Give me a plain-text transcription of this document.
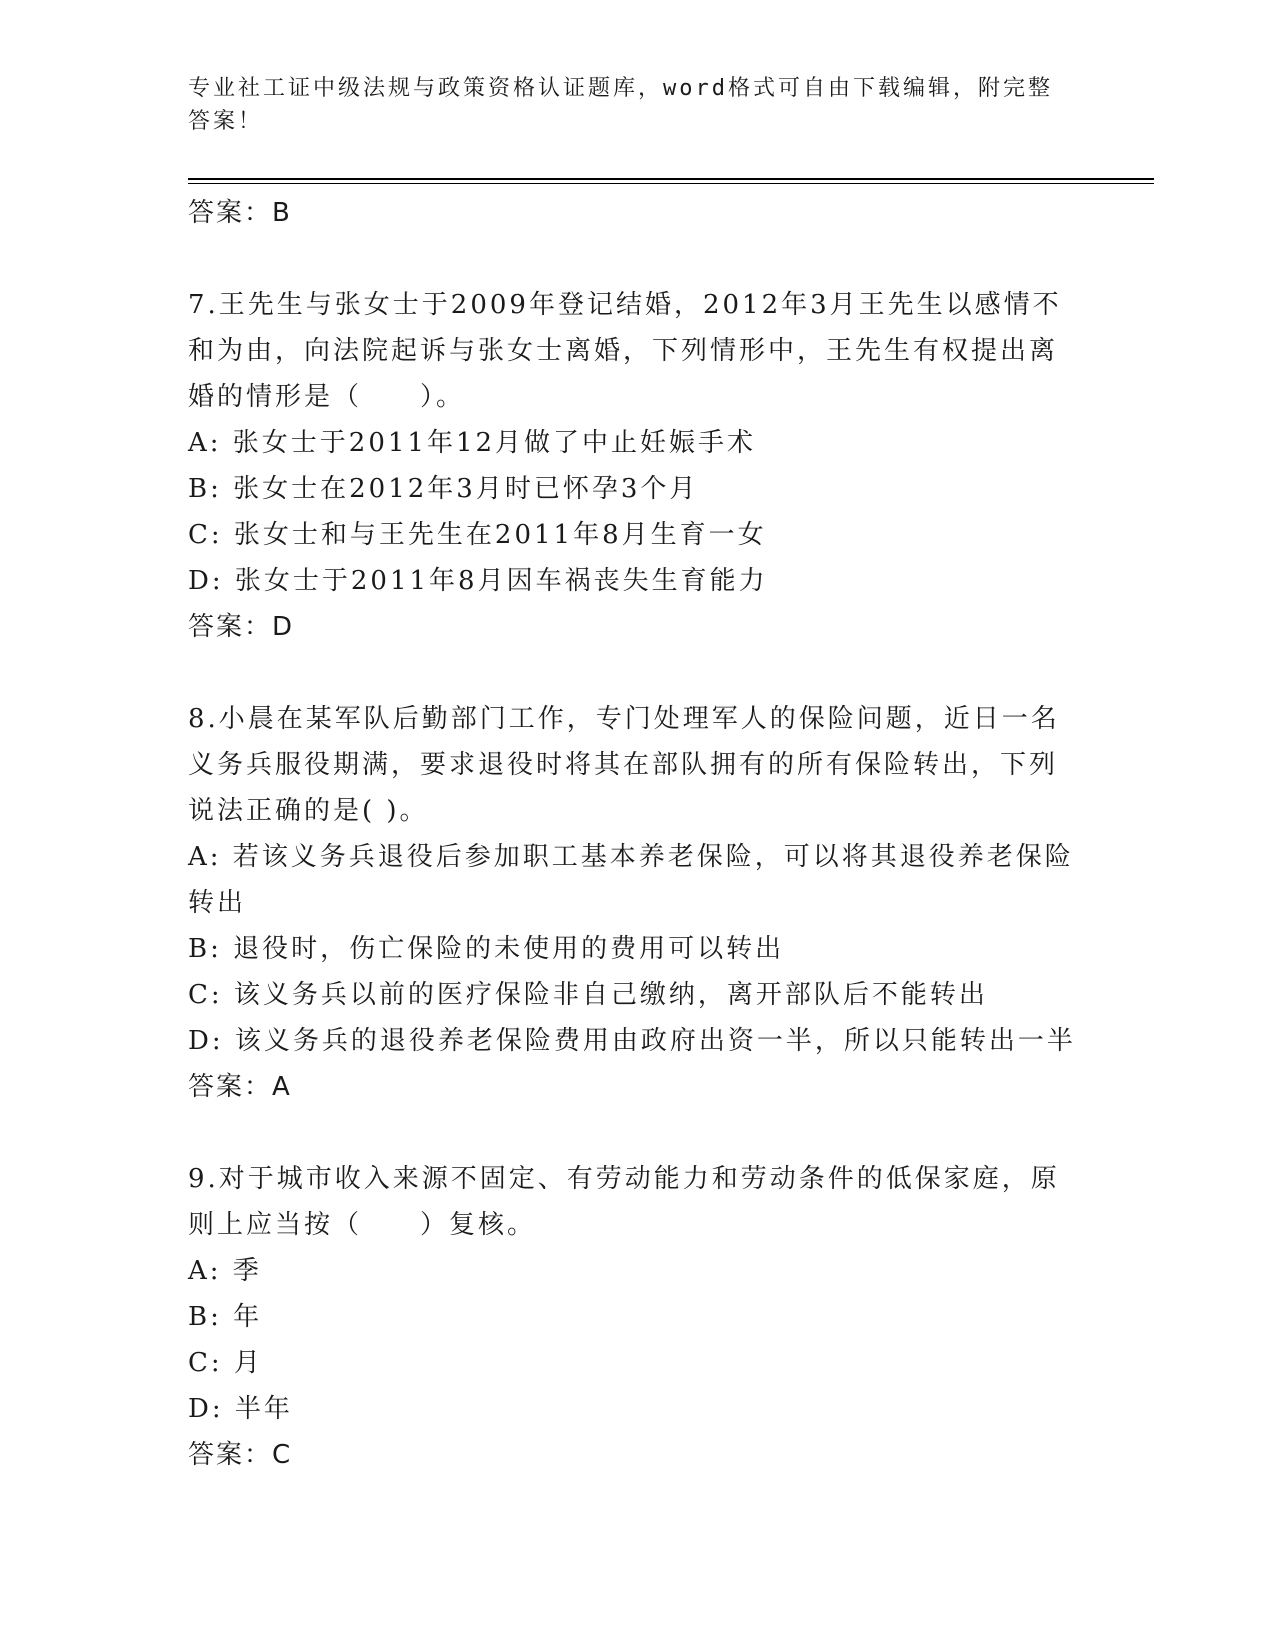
专业社工证中级法规与政策资格认证题库，word格式可自由下载编辑，附完整答案！
答案：B
7.王先生与张女士于2009年登记结婚，2012年3月王先生以感情不和为由，向法院起诉与张女士离婚，下列情形中，王先生有权提出离婚的情形是（　　）。
A: 张女士于2011年12月做了中止妊娠手术
B: 张女士在2012年3月时已怀孕3个月
C: 张女士和与王先生在2011年8月生育一女
D: 张女士于2011年8月因车祸丧失生育能力
答案：D
8.小晨在某军队后勤部门工作，专门处理军人的保险问题，近日一名义务兵服役期满，要求退役时将其在部队拥有的所有保险转出，下列说法正确的是( )。
A: 若该义务兵退役后参加职工基本养老保险，可以将其退役养老保险转出
B: 退役时，伤亡保险的未使用的费用可以转出
C: 该义务兵以前的医疗保险非自己缴纳，离开部队后不能转出
D: 该义务兵的退役养老保险费用由政府出资一半，所以只能转出一半
答案：A
9.对于城市收入来源不固定、有劳动能力和劳动条件的低保家庭，原则上应当按（　　）复核。
A: 季
B: 年
C: 月
D: 半年
答案：C
